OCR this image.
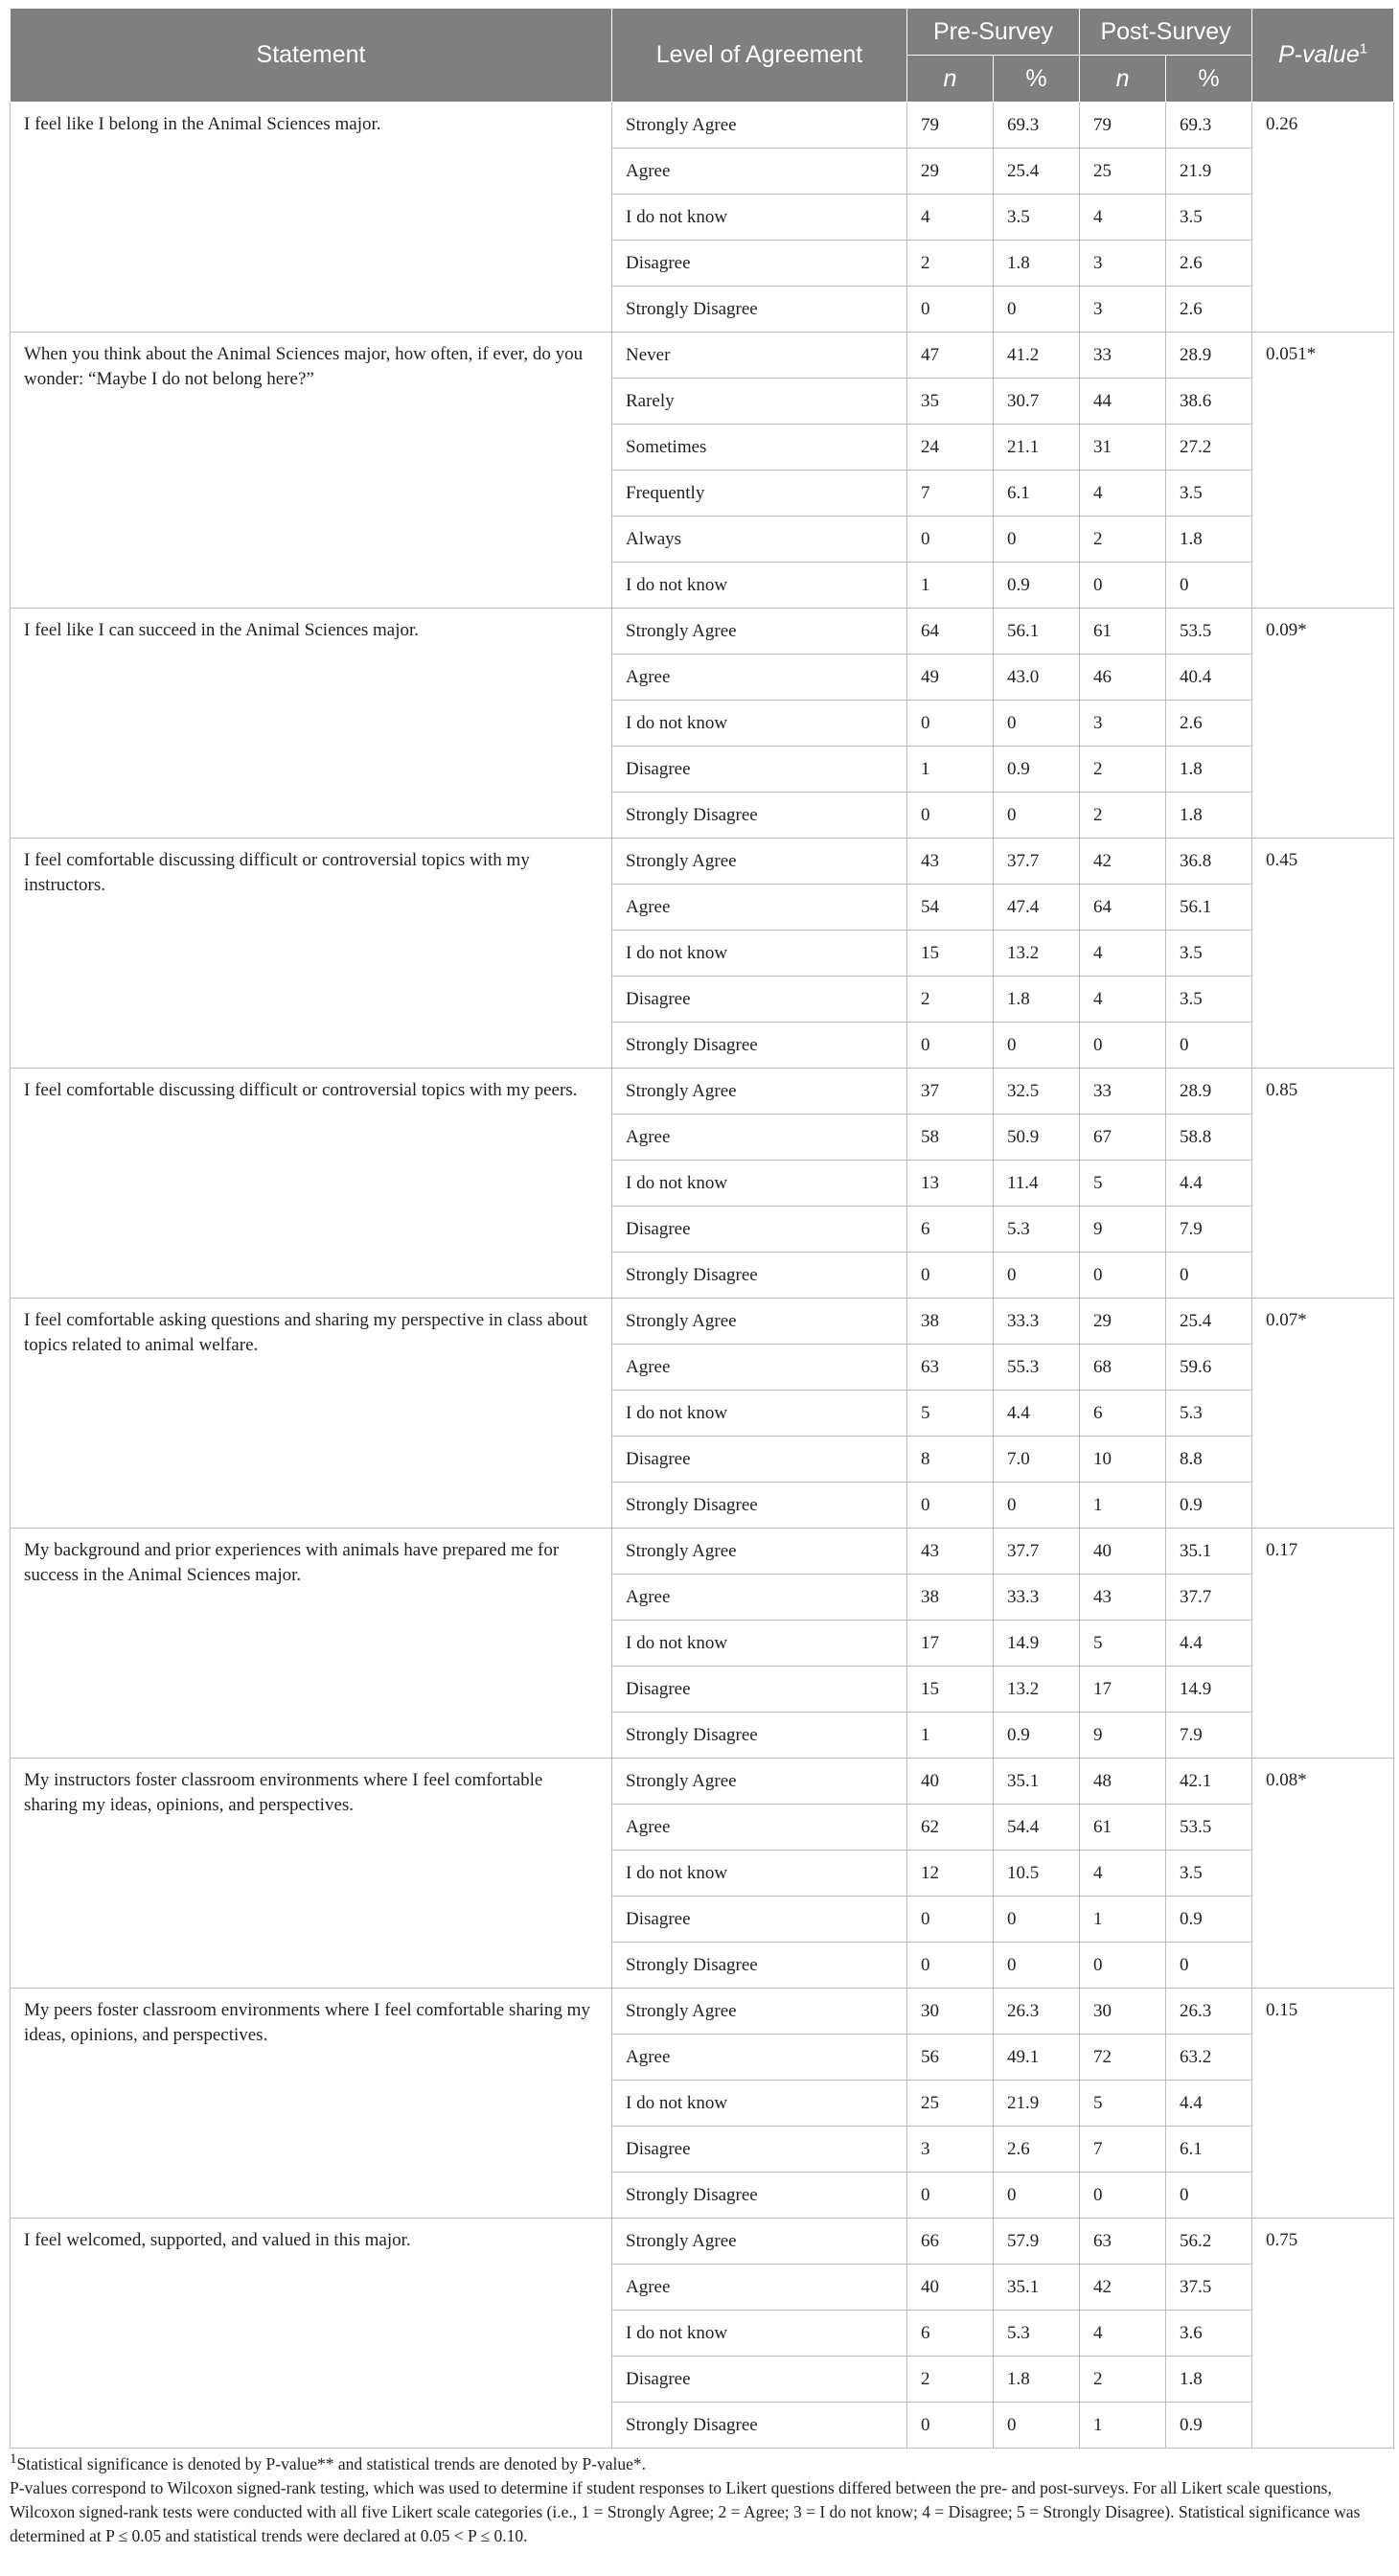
Statement	Level of Agreement	Pre-Survey		Post-Survey		P-value$^1$
		n	%	n	%	
I feel like I belong in the Animal Sciences major.	Strongly Agree	79	69.3	79	69.3	0.26
	Agree	29	25.4	25	21.9	
	I do not know	4	3.5	4	3.5	
	Disagree	2	1.8	3	2.6	
	Strongly Disagree	0	0	3	2.6	
When you think about the Animal Sciences major, how often, if ever, do you wonder: “Maybe I do not belong here?”	Never	47	41.2	33	28.9	0.051*
	Rarely	35	30.7	44	38.6	
	Sometimes	24	21.1	31	27.2	
	Frequently	7	6.1	4	3.5	
	Always	0	0	2	1.8	
	I do not know	1	0.9	0	0	
I feel like I can succeed in the Animal Sciences major.	Strongly Agree	64	56.1	61	53.5	0.09*
	Agree	49	43.0	46	40.4	
	I do not know	0	0	3	2.6	
	Disagree	1	0.9	2	1.8	
	Strongly Disagree	0	0	2	1.8	
I feel comfortable discussing difficult or controversial topics with my instructors.	Strongly Agree	43	37.7	42	36.8	0.45
	Agree	54	47.4	64	56.1	
	I do not know	15	13.2	4	3.5	
	Disagree	2	1.8	4	3.5	
	Strongly Disagree	0	0	0	0	
I feel comfortable discussing difficult or controversial topics with my peers.	Strongly Agree	37	32.5	33	28.9	0.85
	Agree	58	50.9	67	58.8	
	I do not know	13	11.4	5	4.4	
	Disagree	6	5.3	9	7.9	
	Strongly Disagree	0	0	0	0	
I feel comfortable asking questions and sharing my perspective in class about topics related to animal welfare.	Strongly Agree	38	33.3	29	25.4	0.07*
	Agree	63	55.3	68	59.6	
	I do not know	5	4.4	6	5.3	
	Disagree	8	7.0	10	8.8	
	Strongly Disagree	0	0	1	0.9	
My background and prior experiences with animals have prepared me for success in the Animal Sciences major.	Strongly Agree	43	37.7	40	35.1	0.17
	Agree	38	33.3	43	37.7	
	I do not know	17	14.9	5	4.4	
	Disagree	15	13.2	17	14.9	
	Strongly Disagree	1	0.9	9	7.9	
My instructors foster classroom environments where I feel comfortable sharing my ideas, opinions, and perspectives.	Strongly Agree	40	35.1	48	42.1	0.08*
	Agree	62	54.4	61	53.5	
	I do not know	12	10.5	4	3.5	
	Disagree	0	0	1	0.9	
	Strongly Disagree	0	0	0	0	
My peers foster classroom environments where I feel comfortable sharing my ideas, opinions, and perspectives.	Strongly Agree	30	26.3	30	26.3	0.15
	Agree	56	49.1	72	63.2	
	I do not know	25	21.9	5	4.4	
	Disagree	3	2.6	7	6.1	
	Strongly Disagree	0	0	0	0	
I feel welcomed, supported, and valued in this major.	Strongly Agree	66	57.9	63	56.2	0.75
	Agree	40	35.1	42	37.5	
	I do not know	6	5.3	4	3.6	
	Disagree	2	1.8	2	1.8	
	Strongly Disagree	0	0	1	0.9	

1Statistical significance is denoted by P-value** and statistical trends are denoted by P-value*.

P-values correspond to Wilcoxon signed-rank testing, which was used to determine if student responses to Likert questions differed between the pre- and post-surveys. For all Likert scale questions, Wilcoxon signed-rank tests were conducted with all five Likert scale categories (i.e., 1 = Strongly Agree; 2 = Agree; 3 = I do not know; 4 = Disagree; 5 = Strongly Disagree). Statistical significance was determined at P ≤ 0.05 and statistical trends were declared at 0.05 < P ≤ 0.10.
